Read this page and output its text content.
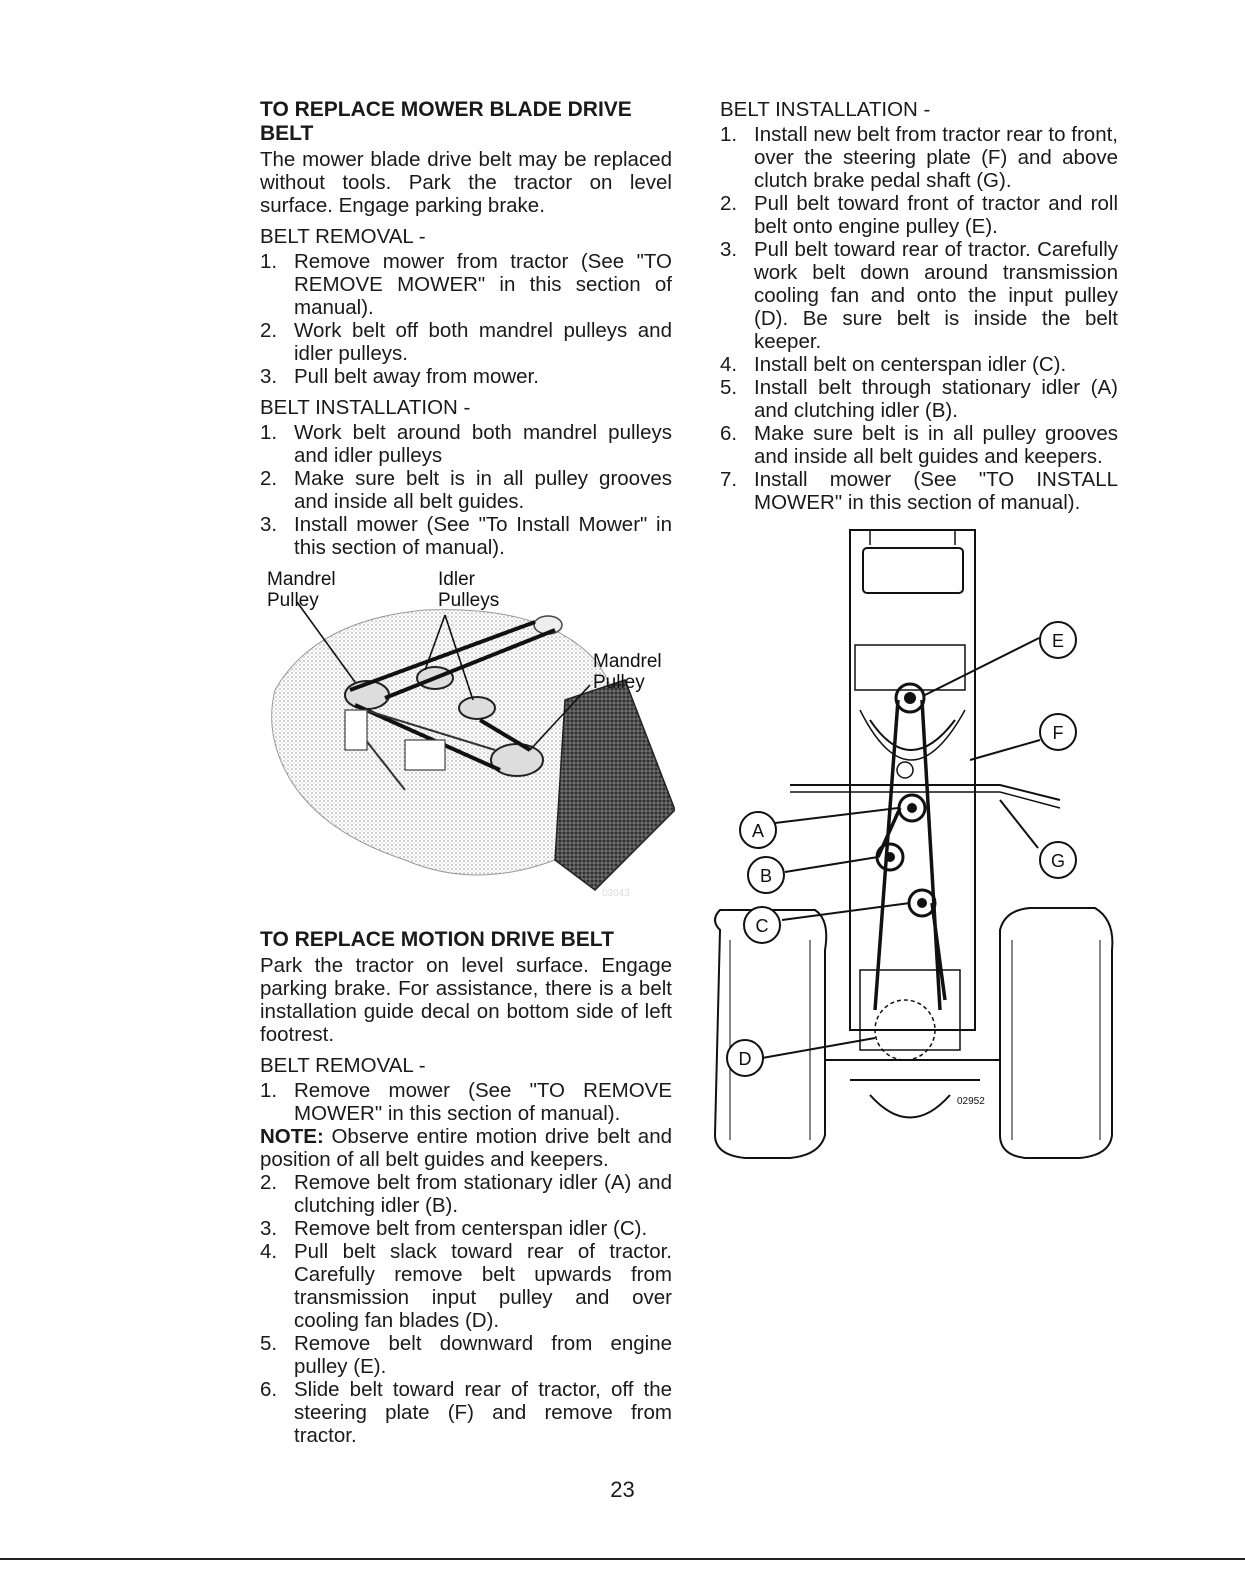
TO REPLACE MOWER BLADE DRIVE BELT

The mower blade drive belt may be replaced without tools. Park the tractor on level surface. Engage parking brake.

BELT REMOVAL -
1. Remove mower from tractor (See "TO REMOVE MOWER" in this section of manual).
2. Work belt off both mandrel pulleys and idler pulleys.
3. Pull belt away from mower.
BELT INSTALLATION -
1. Work belt around both mandrel pulleys and idler pulleys
2. Make sure belt is in all pulley grooves and inside all belt guides.
3. Install mower (See "To Install Mower" in this section of manual).
Mandrel
Pulley
Idler
Pulleys
Mandrel
Pulley
03043
TO REPLACE MOTION DRIVE BELT

Park the tractor on level surface. Engage parking brake. For assistance, there is a belt installation guide decal on bottom side of left footrest.

BELT REMOVAL -
1. Remove mower (See "TO REMOVE MOWER" in this section of manual).

NOTE: Observe entire motion drive belt and position of all belt guides and keepers.

2. Remove belt from stationary idler (A) and clutching idler (B).
3. Remove belt from centerspan idler (C).
4. Pull belt slack toward rear of tractor. Carefully remove belt upwards from transmission input pulley and over cooling fan blades (D).
5. Remove belt downward from engine pulley (E).
6. Slide belt toward rear of tractor, off the steering plate (F) and remove from tractor.
BELT INSTALLATION -
1. Install new belt from tractor rear to front, over the steering plate (F) and above clutch brake pedal shaft (G).
2. Pull belt toward front of tractor and roll belt onto engine pulley (E).
3. Pull belt toward rear of tractor. Carefully work belt down around transmission cooling fan and onto the input pulley (D). Be sure belt is inside the belt keeper.
4. Install belt on centerspan idler (C).
5. Install belt through stationary idler (A) and clutching idler (B).
6. Make sure belt is in all pulley grooves and inside all belt guides and keepers.
7. Install mower (See "TO INSTALL MOWER" in this section of manual).
E
F
G
A
B
C
D
02952
23
